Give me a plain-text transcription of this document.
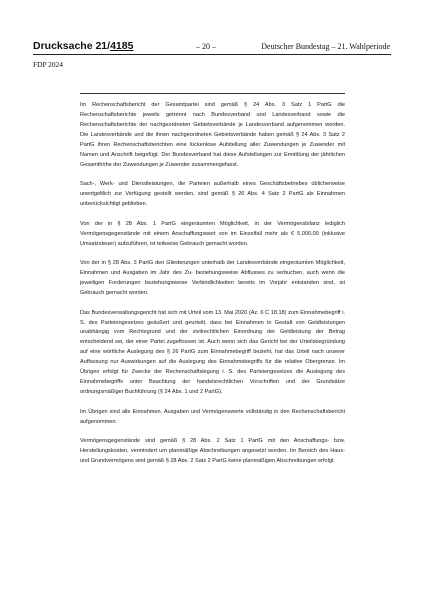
Drucksache 21/4185	– 20 –	Deutscher Bundestag – 21. Wahlperiode
FDP 2024

Im Rechenschaftsbericht der Gesamtpartei sind gemäß § 24 Abs. 3 Satz 1 PartG die Rechenschaftsberichte jeweils getrennt nach Bundesverband und Landesverband sowie die Rechenschaftsberichte der nachgeordneten Gebietsverbände je Landesverband aufgenommen worden. Die Landesverbände und die ihnen nachgeordneten Gebietsverbände haben gemäß § 24 Abs. 3 Satz 2 PartG ihren Rechenschaftsberichten eine lückenlose Aufstellung aller Zuwendungen je Zuwender mit Namen und Anschrift beigefügt. Der Bundesverband hat diese Aufstellungen zur Ermittlung der jährlichen Gesamthöhe der Zuwendungen je Zuwender zusammengefasst.

Sach-, Werk- und Dienstleistungen, die Parteien außerhalb eines Geschäftsbetriebes üblicherweise unentgeltlich zur Verfügung gestellt werden, sind gemäß § 26 Abs. 4 Satz 2 PartG als Einnahmen unberücksichtigt geblieben.

Von der in § 28 Abs. 1 PartG eingeräumten Möglichkeit, in der Vermögensbilanz lediglich Vermögensgegenstände mit einem Anschaffungswert von im Einzelfall mehr als € 5.000,00 (inklusive Umsatzsteuer) aufzuführen, ist teilweise Gebrauch gemacht worden.

Von der in § 28 Abs. 3 PartG den Gliederungen unterhalb der Landesverbände eingeräumten Möglichkeit, Einnahmen und Ausgaben im Jahr des Zu- beziehungsweise Abflusses zu verbuchen, auch wenn die jeweiligen Forderungen beziehungsweise Verbindlichkeiten bereits im Vorjahr entstanden sind, ist Gebrauch gemacht worden.

Das Bundesverwaltungsgericht hat sich mit Urteil vom 13. Mai 2020 (Az. 6 C 18.18) zum Einnahmebegriff i. S. des Parteiengesetzes geäußert und geurteilt, dass bei Einnahmen in Gestalt von Geldleistungen unabhängig vom Rechtsgrund und der zivilrechtlichen Einordnung der Geldleistung der Betrag entscheidend sei, der einer Partei zugeflossen ist. Auch wenn sich das Gericht bei der Urteilsbegründung auf eine wörtliche Auslegung des § 26 PartG zum Einnahmebegriff bezieht, hat das Urteil nach unserer Auffassung nur Auswirkungen auf die Auslegung des Einnahmebegriffs für die relative Obergrenze. Im Übrigen erfolgt für Zwecke der Rechenschaftslegung i. S. des Parteiengesetzes die Auslegung des Einnahmebegriffs unter Beachtung der handelsrechtlichen Vorschriften und der Grundsätze ordnungsmäßiger Buchführung (§ 24 Abs. 1 und 2 PartG).

Im Übrigen sind alle Einnahmen, Ausgaben und Vermögenswerte vollständig in den Rechenschaftsbericht aufgenommen.

Vermögensgegenstände sind gemäß § 28 Abs. 2 Satz 1 PartG mit den Anschaffungs- bzw. Herstellungskosten, vermindert um planmäßige Abschreibungen angesetzt worden. Im Bereich des Haus- und Grundvermögens sind gemäß § 28 Abs. 2 Satz 2 PartG keine planmäßigen Abschreibungen erfolgt.
